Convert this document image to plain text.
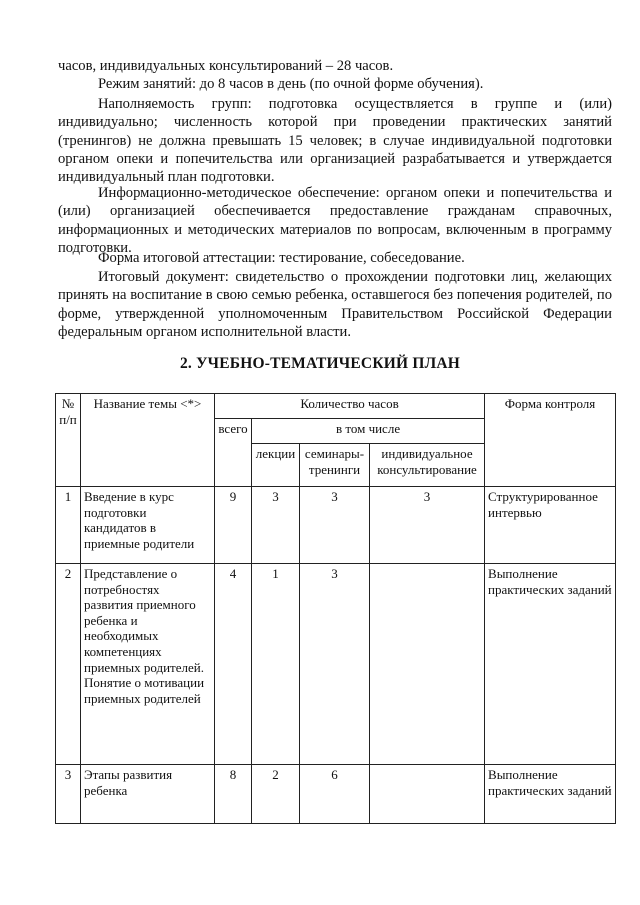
часов, индивидуальных консультирований – 28 часов.

Режим занятий: до 8 часов в день (по очной форме обучения).

Наполняемость групп: подготовка осуществляется в группе и (или) индивидуально; численность которой при проведении практических занятий (тренингов) не должна превышать 15 человек; в случае индивидуальной подготовки органом опеки и попечительства или организацией разрабатывается и утверждается индивидуальный план подготовки.

Информационно-методическое обеспечение: органом опеки и попечительства и (или) организацией обеспечивается предоставление гражданам справочных, информационных и методических материалов по вопросам, включенным в программу подготовки.

Форма итоговой аттестации: тестирование, собеседование.

Итоговый документ: свидетельство о прохождении подготовки лиц, желающих принять на воспитание в свою семью ребенка, оставшегося без попечения родителей, по форме, утвержденной уполномоченным Правительством Российской Федерации федеральным органом исполнительной власти.

2. УЧЕБНО-ТЕМАТИЧЕСКИЙ ПЛАН
№ п/п	Название темы <*>	Количество часов				Форма контроля
		всего	в том числе			
			лекции	семинары-тренинги	индивидуальное консультирование	
1	Введение в курс подготовки кандидатов в приемные родители	9	3	3	3	Структурированное интервью
2	Представление о потребностях развития приемного ребенка и необходимых компетенциях приемных родителей. Понятие о мотивации приемных родителей	4	1	3		Выполнение практических заданий
3	Этапы развития ребенка	8	2	6		Выполнение практических заданий
